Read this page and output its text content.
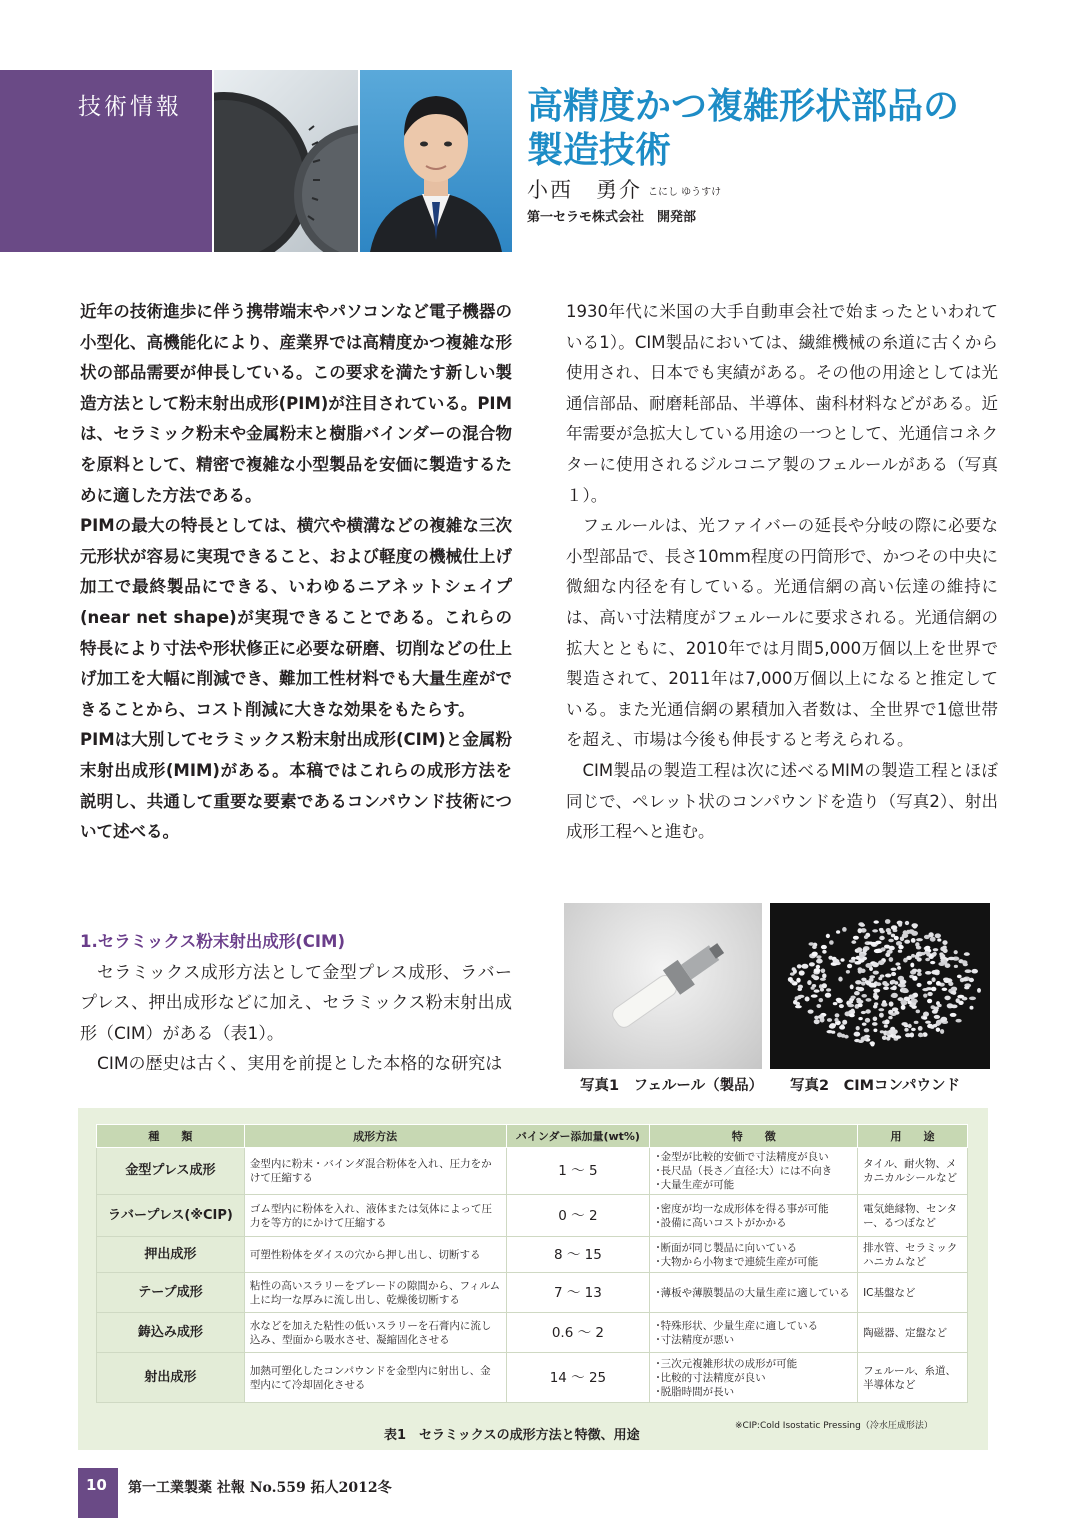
技術情報	高精度かつ複雑形状部品の
製造技術
小西　勇介 こにし ゆうすけ
第一セラモ株式会社　開発部

近年の技術進歩に伴う携帯端末やパソコンなど電子機器の小型化、高機能化により、産業界では高精度かつ複雑な形状の部品需要が伸長している。この要求を満たす新しい製造方法として粉末射出成形(PIM)が注目されている。PIMは、セラミック粉末や金属粉末と樹脂バインダーの混合物を原料として、精密で複雑な小型製品を安価に製造するために適した方法である。

PIMの最大の特長としては、横穴や横溝などの複雑な三次元形状が容易に実現できること、および軽度の機械仕上げ加工で最終製品にできる、いわゆるニアネットシェイプ(near net shape)が実現できることである。これらの特長により寸法や形状修正に必要な研磨、切削などの仕上げ加工を大幅に削減でき、難加工性材料でも大量生産ができることから、コスト削減に大きな効果をもたらす。

PIMは大別してセラミックス粉末射出成形(CIM)と金属粉末射出成形(MIM)がある。本稿ではこれらの成形方法を説明し、共通して重要な要素であるコンパウンド技術について述べる。

1.セラミックス粉末射出成形(CIM)

セラミックス成形方法として金型プレス成形、ラバープレス、押出成形などに加え、セラミックス粉末射出成形（CIM）がある（表1）。

CIMの歴史は古く、実用を前提とした本格的な研究は

1930年代に米国の大手自動車会社で始まったといわれている1）。CIM製品においては、繊維機械の糸道に古くから使用され、日本でも実績がある。その他の用途としては光通信部品、耐磨耗部品、半導体、歯科材料などがある。近年需要が急拡大している用途の一つとして、光通信コネクターに使用されるジルコニア製のフェルールがある（写真１）。

フェルールは、光ファイバーの延長や分岐の際に必要な小型部品で、長さ10mm程度の円筒形で、かつその中央に微細な内径を有している。光通信網の高い伝達の維持には、高い寸法精度がフェルールに要求される。光通信網の拡大とともに、2010年では月間5,000万個以上を世界で製造されて、2011年は7,000万個以上になると推定している。また光通信網の累積加入者数は、全世界で1億世帯を超え、市場は今後も伸長すると考えられる。

CIM製品の製造工程は次に述べるMIMの製造工程とほぼ同じで、ペレット状のコンパウンドを造り（写真2）、射出成形工程へと進む。

写真1　フェルール（製品） 写真2　CIMコンパウンド
種　　類	成形方法	バインダー添加量(wt%)	特　　徴	用　　途
金型プレス成形	金型内に粉末・バインダ混合粉体を入れ、圧力をかけて圧縮する	1 ～ 5	･金型が比較的安価で寸法精度が良い
･長尺品（長さ／直径:大）には不向き
･大量生産が可能	タイル、耐火物、メカニカルシールなど
ラバープレス(※CIP)	ゴム型内に粉体を入れ、液体または気体によって圧力を等方的にかけて圧縮する	0 ～ 2	･密度が均一な成形体を得る事が可能
･設備に高いコストがかかる	電気絶縁物、センター、るつぼなど
押出成形	可塑性粉体をダイスの穴から押し出し、切断する	8 ～ 15	･断面が同じ製品に向いている
･大物から小物まで連続生産が可能	排水管、セラミックハニカムなど
テープ成形	粘性の高いスラリーをブレードの隙間から、フィルム上に均一な厚みに流し出し、乾燥後切断する	7 ～ 13	･薄板や薄膜製品の大量生産に適している	IC基盤など
鋳込み成形	水などを加えた粘性の低いスラリーを石膏内に流し込み、型面から吸水させ、凝縮固化させる	0.6 ～ 2	･特殊形状、少量生産に適している
･寸法精度が悪い	陶磁器、定盤など
射出成形	加熱可塑化したコンパウンドを金型内に射出し、金型内にて冷却固化させる	14 ～ 25	･三次元複雑形状の成形が可能
･比較的寸法精度が良い
･脱脂時間が長い	フェルール、糸道、半導体など
※CIP:Cold Isostatic Pressing（冷水圧成形法）
表1　セラミックスの成形方法と特徴、用途
10 第一工業製薬 社報 No.559 拓人2012冬
